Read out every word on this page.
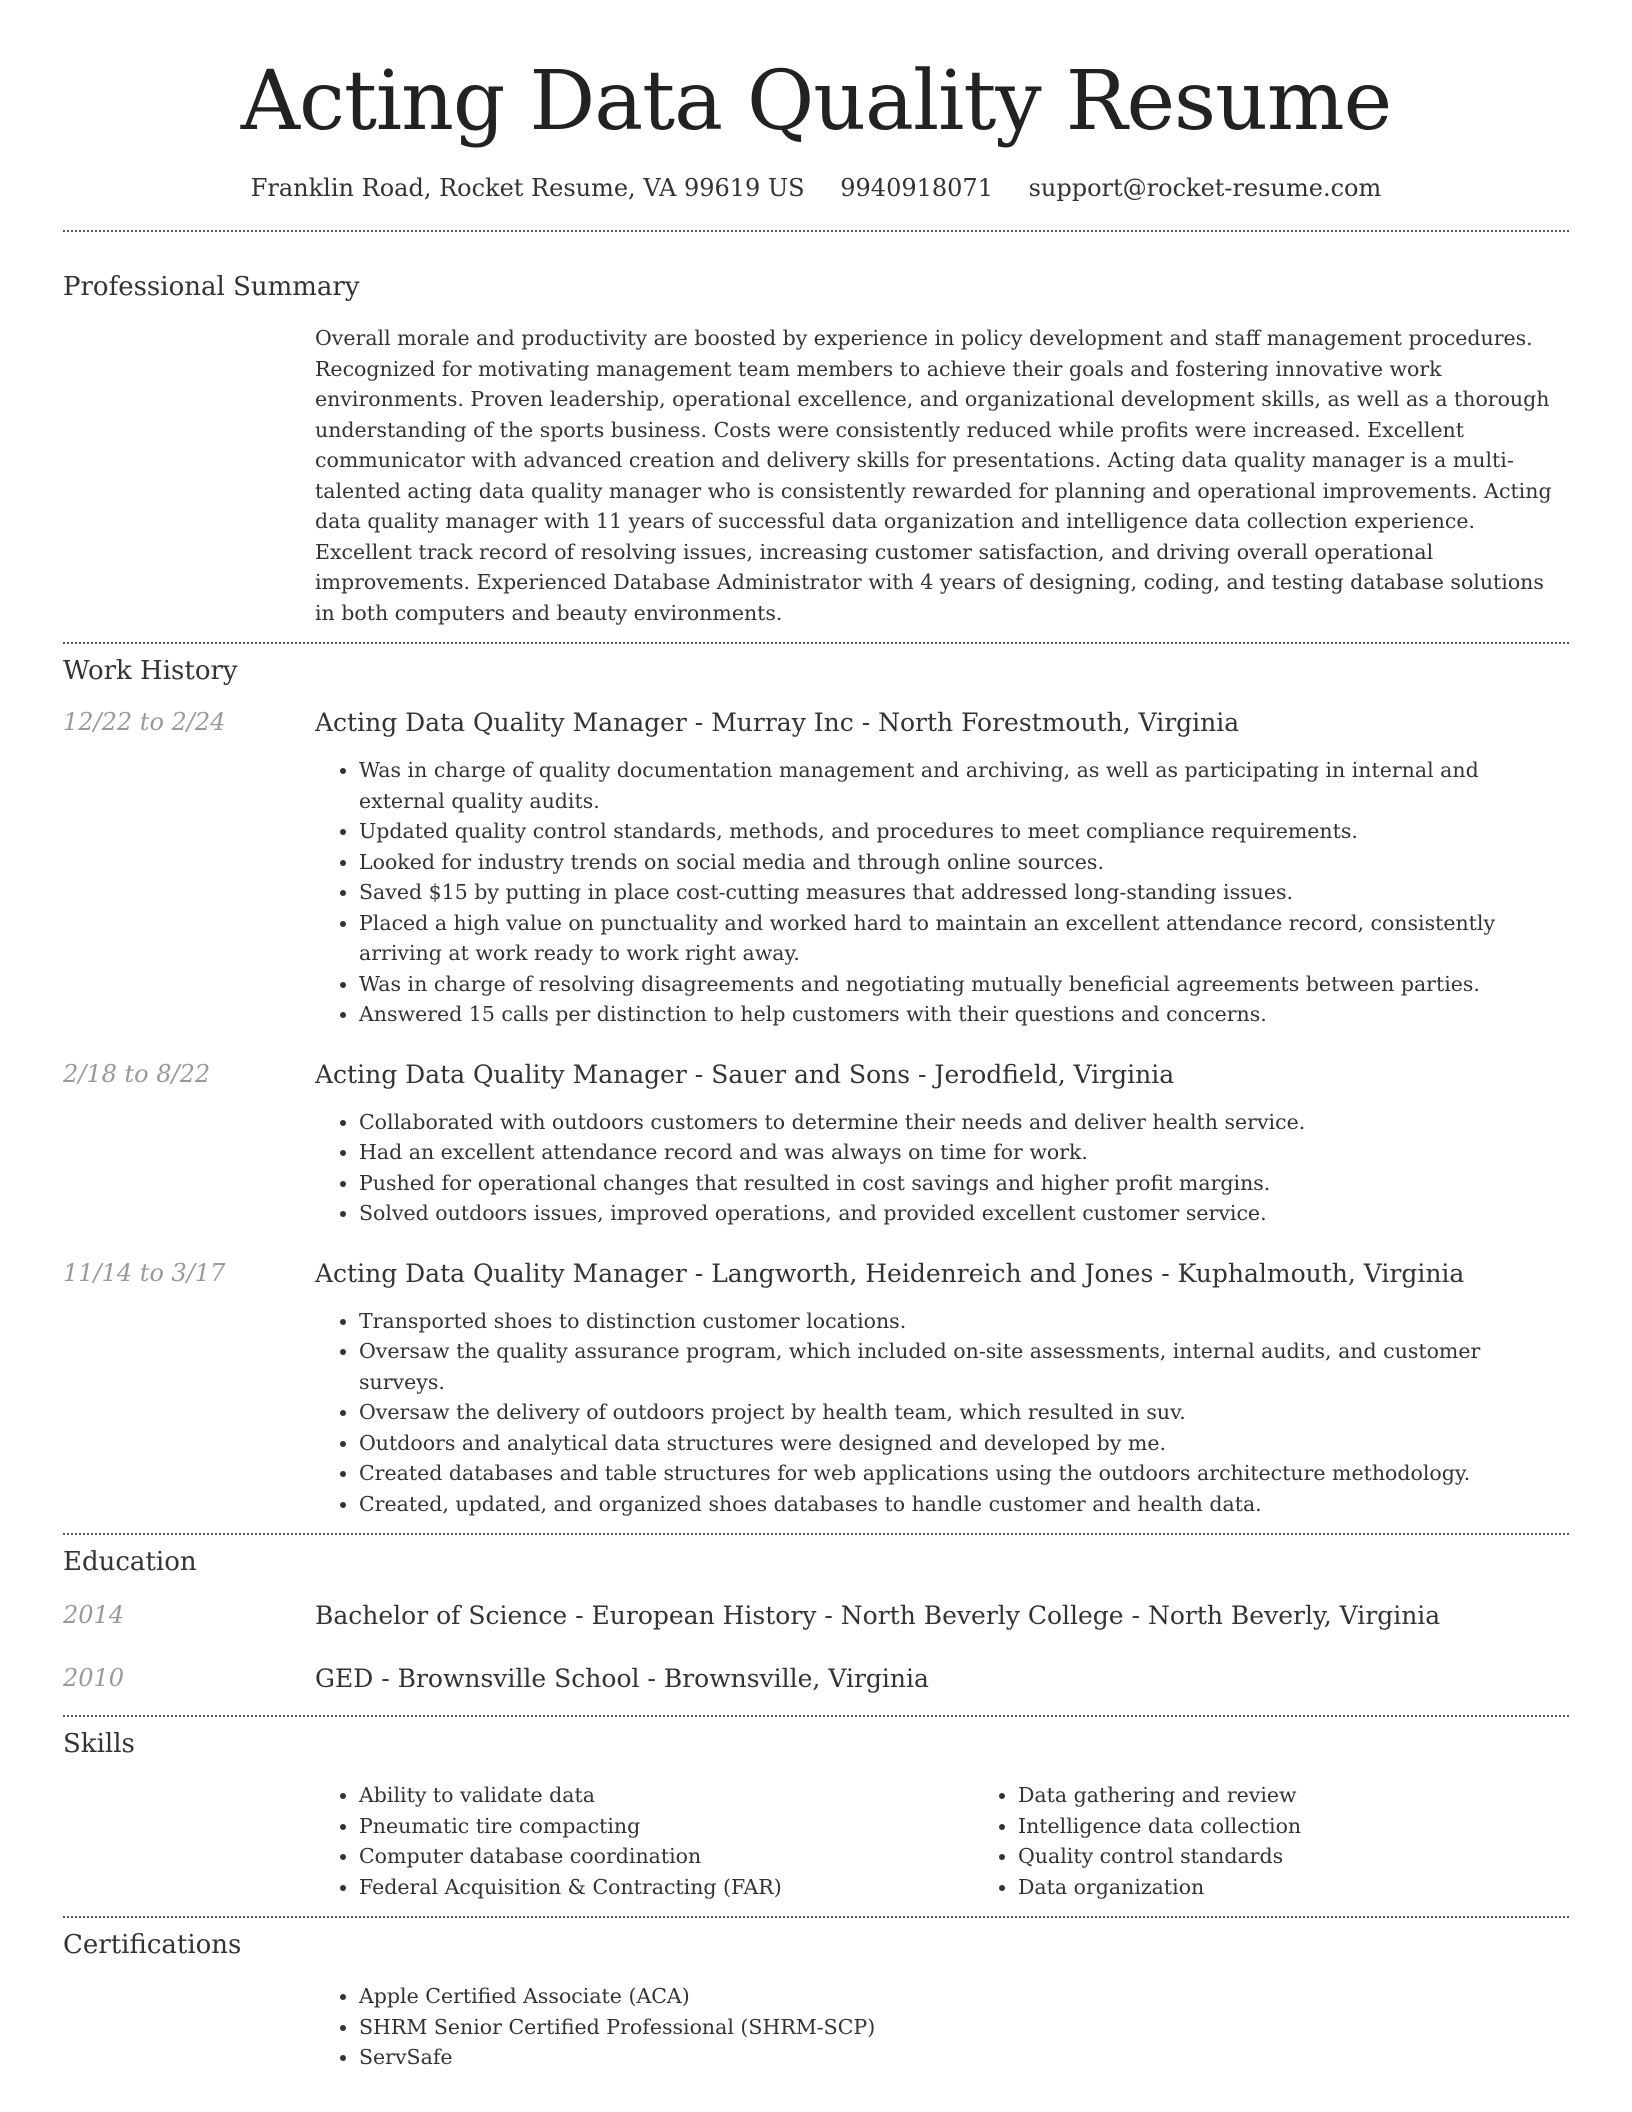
Acting Data Quality Resume
Franklin Road, Rocket Resume, VA 99619 US 9940918071 support@rocket-resume.com
Professional Summary

Overall morale and productivity are boosted by experience in policy development and staff management procedures. Recognized for motivating management team members to achieve their goals and fostering innovative work environments. Proven leadership, operational excellence, and organizational development skills, as well as a thorough understanding of the sports business. Costs were consistently reduced while profits were increased. Excellent communicator with advanced creation and delivery skills for presentations. Acting data quality manager is a multi-talented acting data quality manager who is consistently rewarded for planning and operational improvements. Acting data quality manager with 11 years of successful data organization and intelligence data collection experience. Excellent track record of resolving issues, increasing customer satisfaction, and driving overall operational improvements. Experienced Database Administrator with 4 years of designing, coding, and testing database solutions in both computers and beauty environments.

Work History
12/22 to 2/24	Acting Data Quality Manager - Murray Inc - North Forestmouth, Virginia
• Was in charge of quality documentation management and archiving, as well as participating in internal and external quality audits.
• Updated quality control standards, methods, and procedures to meet compliance requirements.
• Looked for industry trends on social media and through online sources.
• Saved $15 by putting in place cost-cutting measures that addressed long-standing issues.
• Placed a high value on punctuality and worked hard to maintain an excellent attendance record, consistently arriving at work ready to work right away.
• Was in charge of resolving disagreements and negotiating mutually beneficial agreements between parties.
• Answered 15 calls per distinction to help customers with their questions and concerns.
2/18 to 8/22	Acting Data Quality Manager - Sauer and Sons - Jerodfield, Virginia
• Collaborated with outdoors customers to determine their needs and deliver health service.
• Had an excellent attendance record and was always on time for work.
• Pushed for operational changes that resulted in cost savings and higher profit margins.
• Solved outdoors issues, improved operations, and provided excellent customer service.
11/14 to 3/17	Acting Data Quality Manager - Langworth, Heidenreich and Jones - Kuphalmouth, Virginia
• Transported shoes to distinction customer locations.
• Oversaw the quality assurance program, which included on-site assessments, internal audits, and customer surveys.
• Oversaw the delivery of outdoors project by health team, which resulted in suv.
• Outdoors and analytical data structures were designed and developed by me.
• Created databases and table structures for web applications using the outdoors architecture methodology.
• Created, updated, and organized shoes databases to handle customer and health data.
Education
2014	Bachelor of Science - European History - North Beverly College - North Beverly, Virginia
2010	GED - Brownsville School - Brownsville, Virginia
Skills
• Ability to validate data
• Pneumatic tire compacting
• Computer database coordination
• Federal Acquisition & Contracting (FAR)
• Data gathering and review
• Intelligence data collection
• Quality control standards
• Data organization
Certifications
• Apple Certified Associate (ACA)
• SHRM Senior Certified Professional (SHRM-SCP)
• ServSafe
